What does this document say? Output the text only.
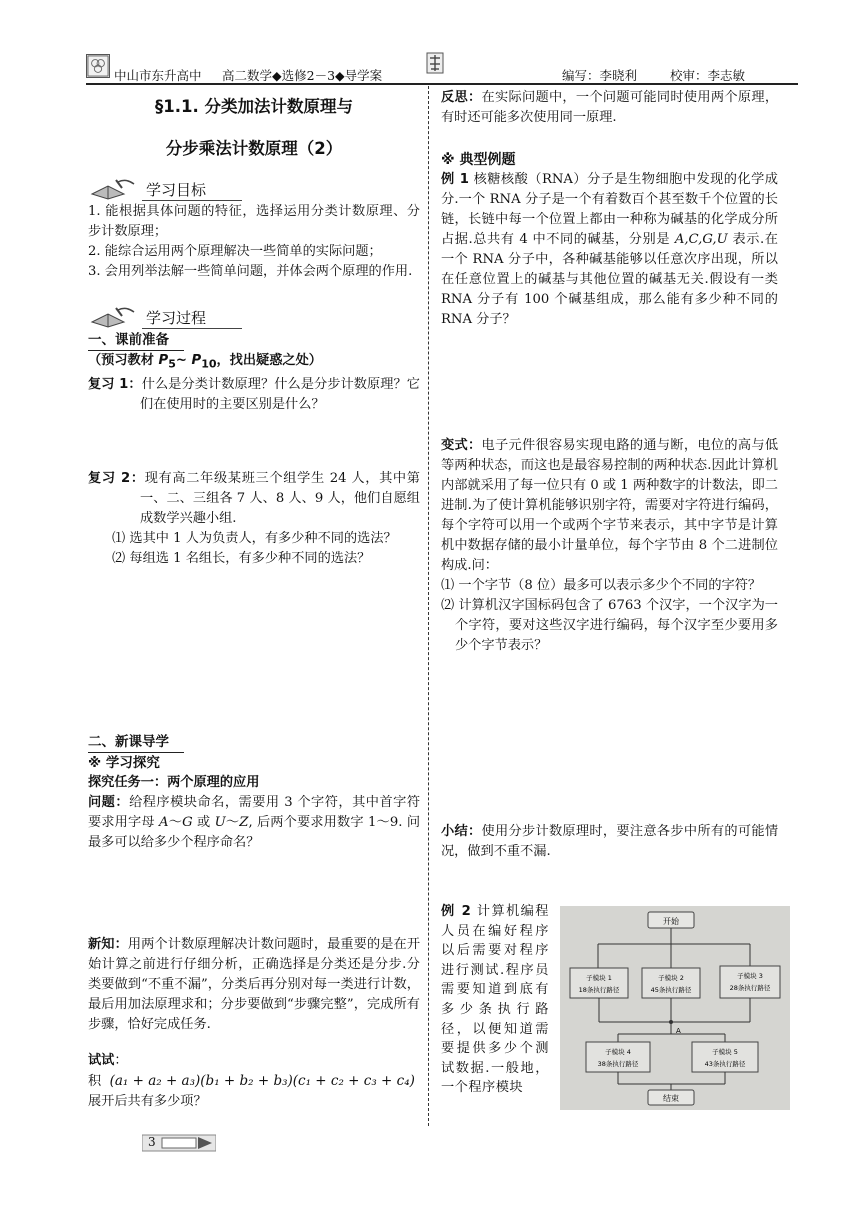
中山市东升高中 高二数学◆选修2－3◆导学案	编写：李晓利	校审：李志敏

§1.1. 分类加法计数原理与

分步乘法计数原理（2）

学习目标

1. 能根据具体问题的特征，选择运用分类计数原理、分步计数原理；

2. 能综合运用两个原理解决一些简单的实际问题；

3. 会用列举法解一些简单问题，并体会两个原理的作用.

学习过程
一、课前准备

（预习教材 $P_5\sim$ $P_{10}$，找出疑惑之处）

复习 1：什么是分类计数原理？什么是分步计数原理？它们在使用时的主要区别是什么？

复习 2：现有高二年级某班三个组学生 24 人，其中第一、二、三组各 7 人、8 人、9 人，他们自愿组成数学兴趣小组.

⑴ 选其中 1 人为负责人，有多少种不同的选法？

⑵ 每组选 1 名组长，有多少种不同的选法？

二、新课导学

※ 学习探究

探究任务一：两个原理的应用

问题：给程序模块命名，需要用 3 个字符，其中首字符要求用字母 A～G 或 U～Z, 后两个要求用数字 1～9. 问最多可以给多少个程序命名？

新知：用两个计数原理解决计数问题时，最重要的是在开始计算之前进行仔细分析，正确选择是分类还是分步.分类要做到“不重不漏”，分类后再分别对每一类进行计数，最后用加法原理求和；分步要做到“步骤完整”，完成所有步骤，恰好完成任务.

试试：

积 (a₁ + a₂ + a₃)(b₁ + b₂ + b₃)(c₁ + c₂ + c₃ + c₄)

展开后共有多少项？

反思：在实际问题中，一个问题可能同时使用两个原理，有时还可能多次使用同一原理.

※ 典型例题

例 1 核糖核酸（RNA）分子是生物细胞中发现的化学成分.一个 RNA 分子是一个有着数百个甚至数千个位置的长链，长链中每一个位置上都由一种称为碱基的化学成分所占据.总共有 4 中不同的碱基，分别是 A,C,G,U 表示.在一个 RNA 分子中，各种碱基能够以任意次序出现，所以在任意位置上的碱基与其他位置的碱基无关.假设有一类 RNA 分子有 100 个碱基组成，那么能有多少种不同的 RNA 分子？

变式：电子元件很容易实现电路的通与断，电位的高与低等两种状态，而这也是最容易控制的两种状态.因此计算机内部就采用了每一位只有 0 或 1 两种数字的计数法，即二进制.为了使计算机能够识别字符，需要对字符进行编码，每个字符可以用一个或两个字节来表示，其中字节是计算机中数据存储的最小计量单位，每个字节由 8 个二进制位构成.问：

⑴ 一个字节（8 位）最多可以表示多少个不同的字符？

⑵ 计算机汉字国标码包含了 6763 个汉字，一个汉字为一个字符，要对这些汉字进行编码，每个汉字至少要用多少个字节表示？

小结：使用分步计数原理时，要注意各步中所有的可能情况，做到不重不漏.

例 2 计算机编程人员在编好程序以后需要对程序进行测试.程序员需要知道到底有多少条执行路径，以便知道需要提供多少个测试数据.一般地，一个程序模块

开始
子模块 1
18条执行路径
子模块 2
45条执行路径
子模块 3
28条执行路径
A
子模块 4
38条执行路径
子模块 5
43条执行路径
结束
3
